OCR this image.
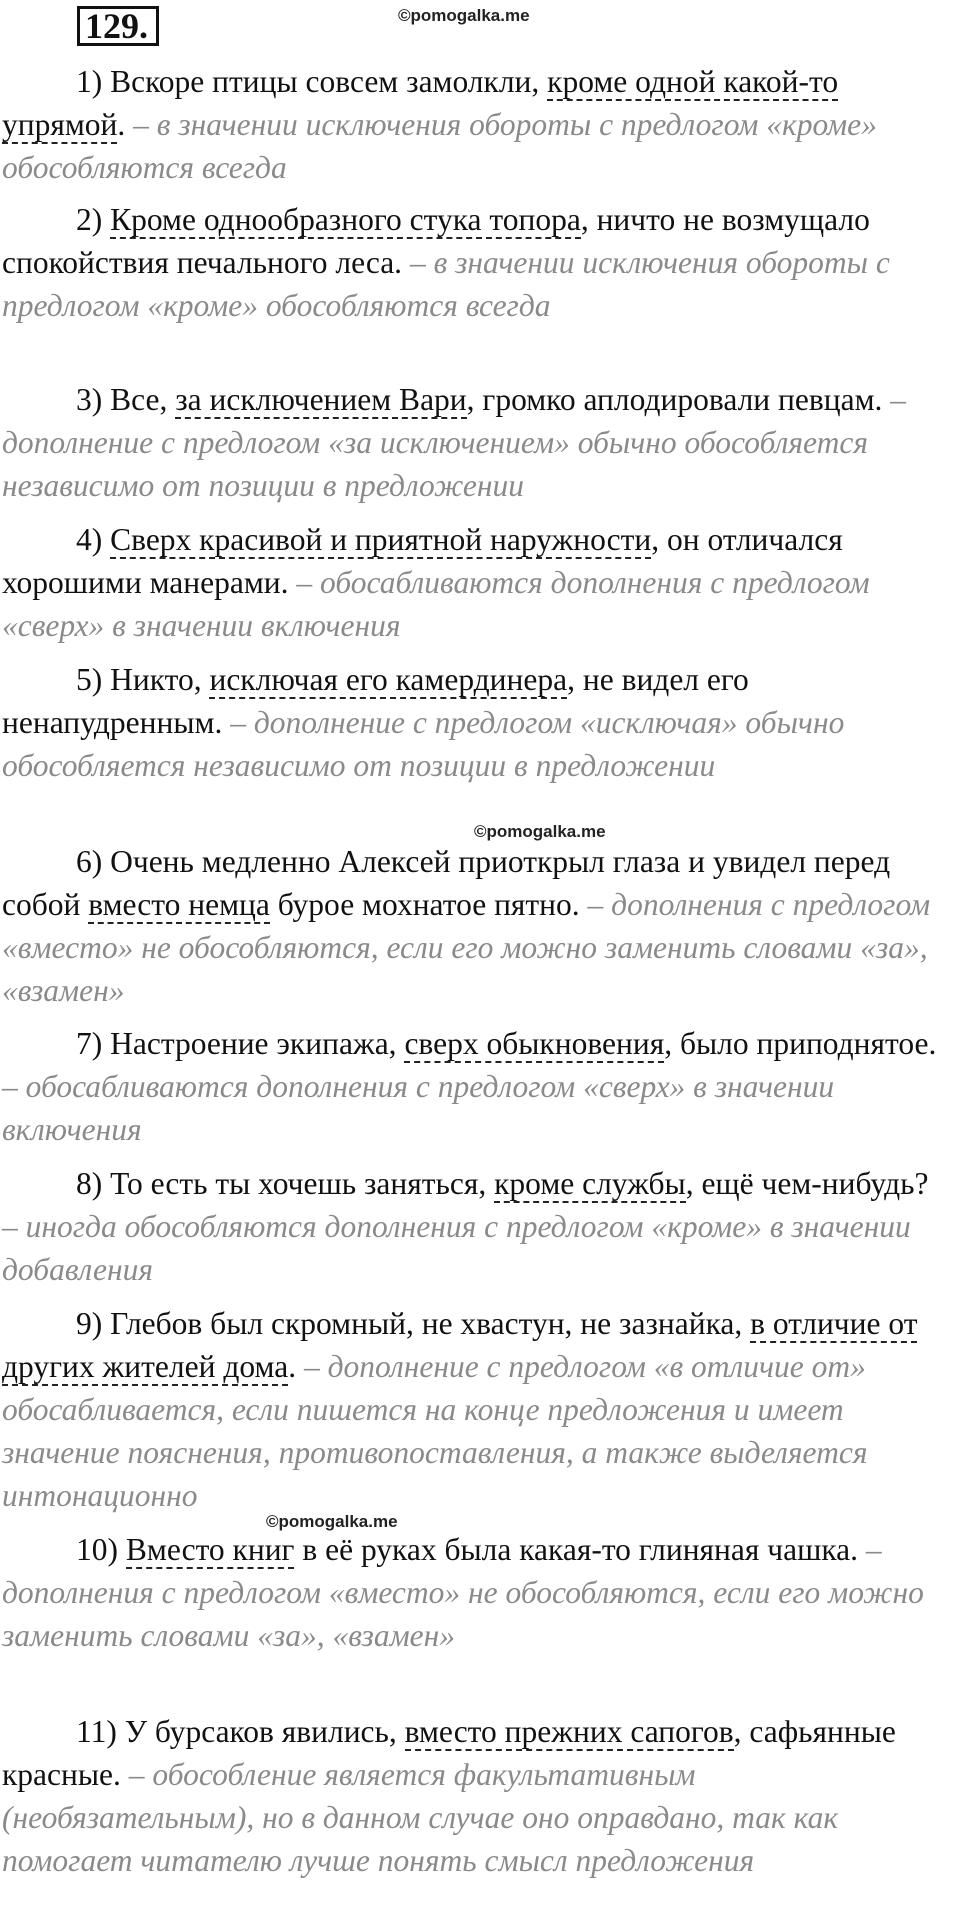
129.	©pomogalka.me
©pomogalka.me
©pomogalka.me

1) Вскоре птицы совсем замолкли, кроме одной какой-то упрямой. – в значении исключения обороты с предлогом «кроме» обособляются всегда

2) Кроме однообразного стука топора, ничто не возмущало спокойствия печального леса. – в значении исключения обороты с предлогом «кроме» обособляются всегда

3) Все, за исключением Вари, громко аплодировали певцам. – дополнение с предлогом «за исключением» обычно обособляется независимо от позиции в предложении

4) Сверх красивой и приятной наружности, он отличался хорошими манерами. – обосабливаются дополнения с предлогом «сверх» в значении включения

5) Никто, исключая его камердинера, не видел его ненапудренным. – дополнение с предлогом «исключая» обычно обособляется независимо от позиции в предложении

6) Очень медленно Алексей приоткрыл глаза и увидел перед собой вместо немца бурое мохнатое пятно. – дополнения с предлогом «вместо» не обособляются, если его можно заменить словами «за», «взамен»

7) Настроение экипажа, сверх обыкновения, было приподнятое. – обосабливаются дополнения с предлогом «сверх» в значении включения

8) То есть ты хочешь заняться, кроме службы, ещё чем-нибудь? – иногда обособляются дополнения с предлогом «кроме» в значении добавления

9) Глебов был скромный, не хвастун, не зазнайка, в отличие от других жителей дома. – дополнение с предлогом «в отличие от» обосабливается, если пишется на конце предложения и имеет значение пояснения, противопоставления, а также выделяется интонационно

10) Вместо книг в её руках была какая-то глиняная чашка. – дополнения с предлогом «вместо» не обособляются, если его можно заменить словами «за», «взамен»

11) У бурсаков явились, вместо прежних сапогов, сафьянные красные. – обособление является факультативным (необязательным), но в данном случае оно оправдано, так как помогает читателю лучше понять смысл предложения
